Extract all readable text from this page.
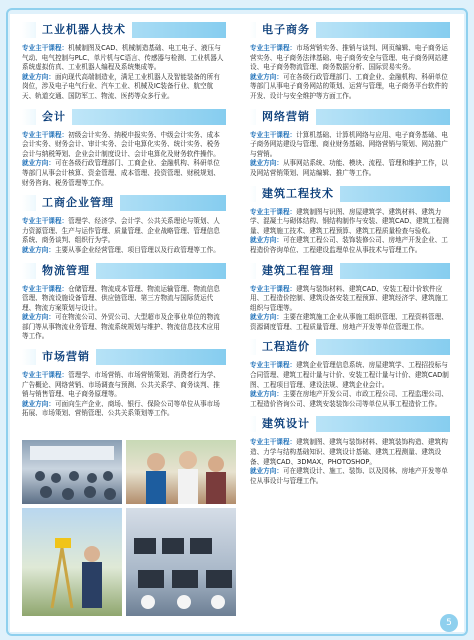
工业机器人技术
专业主干课程：机械制图及CAD、机械制造基础、电工电子、液压与气动、电气控制与PLC、单片机与C语言、传感器与检测、工业机器人系统虚拟仿真、工业机器人编程及系统集成等。
就业方向：面向现代高端制造业，满足工业机器人及智能装备的所有岗位，涉及电子电气行业、汽车工业、机械及IC装备行业、航空航天、轨道交通、国防军工、物流、医药等众多行业。
会计
专业主干课程：初级会计实务、纳税申报实务、中级会计实务、成本会计实务、财务会计、审计实务、会计电算化实务、统计实务、税务会计与纳税筹划、企业会计制度设计、会计电算化及财务软件操作。
就业方向：可在各级行政管理部门、工商企业、金融机构、科研单位等部门从事会计核算、资金管理、成本管理、投资管理、财税规划、财务咨询、税务管理等工作。
工商企业管理
专业主干课程：管理学、经济学、会计学、公共关系理论与策划、人力资源管理、生产与运作管理、质量管理、企业战略管理、管理信息系统、商务谈判、组织行为学。
就业方向：主要从事企业经营管理、项目管理以及行政管理等工作。
物流管理
专业主干课程：仓储管理、物流成本管理、物流运输管理、物流信息管理、物流设施设备管理、供应链管理、第三方物流与国际货运代理、物流方案策划与设计。
就业方向：可在物流公司、外贸公司、大型超市及企事业单位的物流部门等从事物流业务管理、物流系统规划与维护、物流信息技术应用等工作。
市场营销
专业主干课程：管理学、市场营销、市场营销策划、消费者行为学、广告概论、网络营销、市场调查与预测、公共关系学、商务谈判、推销与销售管理、电子商务原理等。
就业方向：可面向生产企业、商场、银行、保险公司等单位从事市场拓展、市场策划、营销管理、公共关系策划等工作。
电子商务
专业主干课程：市场营销实务、推销与谈判、网页编辑、电子商务运营实务、电子商务法律基础、电子商务安全与管理、电子商务网站建设、电子商务物流管理、商务数据分析、国际贸易实务。
就业方向：可在各级行政管理部门、工商企业、金融机构、科研单位等部门从事电子商务网站的策划、运营与管理，电子商务平台软件的开发、设计与安全维护等方面工作。
网络营销
专业主干课程：计算机基础、计算机网络与应用、电子商务基础、电子商务网站建设与管理、商业财务基础、网络营销与策划、网站推广与营销。
就业方向：从事网站系统、功能、模块、流程、管理和维护工作，以及网站营销策划、网站编辑、推广等工作。
建筑工程技术
专业主干课程：建筑制图与识图、房屋建筑学、建筑材料、建筑力学、混凝土与砌体结构、钢结构制作与安装、建筑CAD、建筑工程测量、建筑施工技术、建筑工程预算、建筑工程质量检查与验收。
就业方向：可在建筑工程公司、装饰装修公司、房地产开发企业、工程造价咨询单位、工程建设监理单位从事技术与管理工作。
建筑工程管理
专业主干课程：建筑与装饰材料、建筑CAD、安装工程计价软件应用、工程造价控制、建筑设备安装工程预算、建筑经济学、建筑施工组织与管理等。
就业方向：主要在建筑施工企业从事施工组织管理、工程资料管理、资源调度管理、工程质量管理、房地产开发等单位管理工作。
工程造价
专业主干课程：建筑企业管理信息系统、房屋建筑学、工程招投标与合同管理、建筑工程计量与计价、安装工程计量与计价、建筑CAD制图、工程项目管理、建设法规、建筑企业会计。
就业方向：主要在房地产开发公司、市政工程公司、工程监理公司、工程造价咨询公司、建筑安装装饰公司等单位从事工程造价工作。
建筑设计
专业主干课程：建筑制图、建筑与装饰材料、建筑装饰构造、建筑构造、力学与结构基础知识、建筑设计基础、建筑工程测量、建筑设备、建筑CAD、3DMAX、PHOTOSHOP。
就业方向：可在建筑设计、施工、装饰、以及园林、房地产开发等单位从事设计与管理工作。
5
